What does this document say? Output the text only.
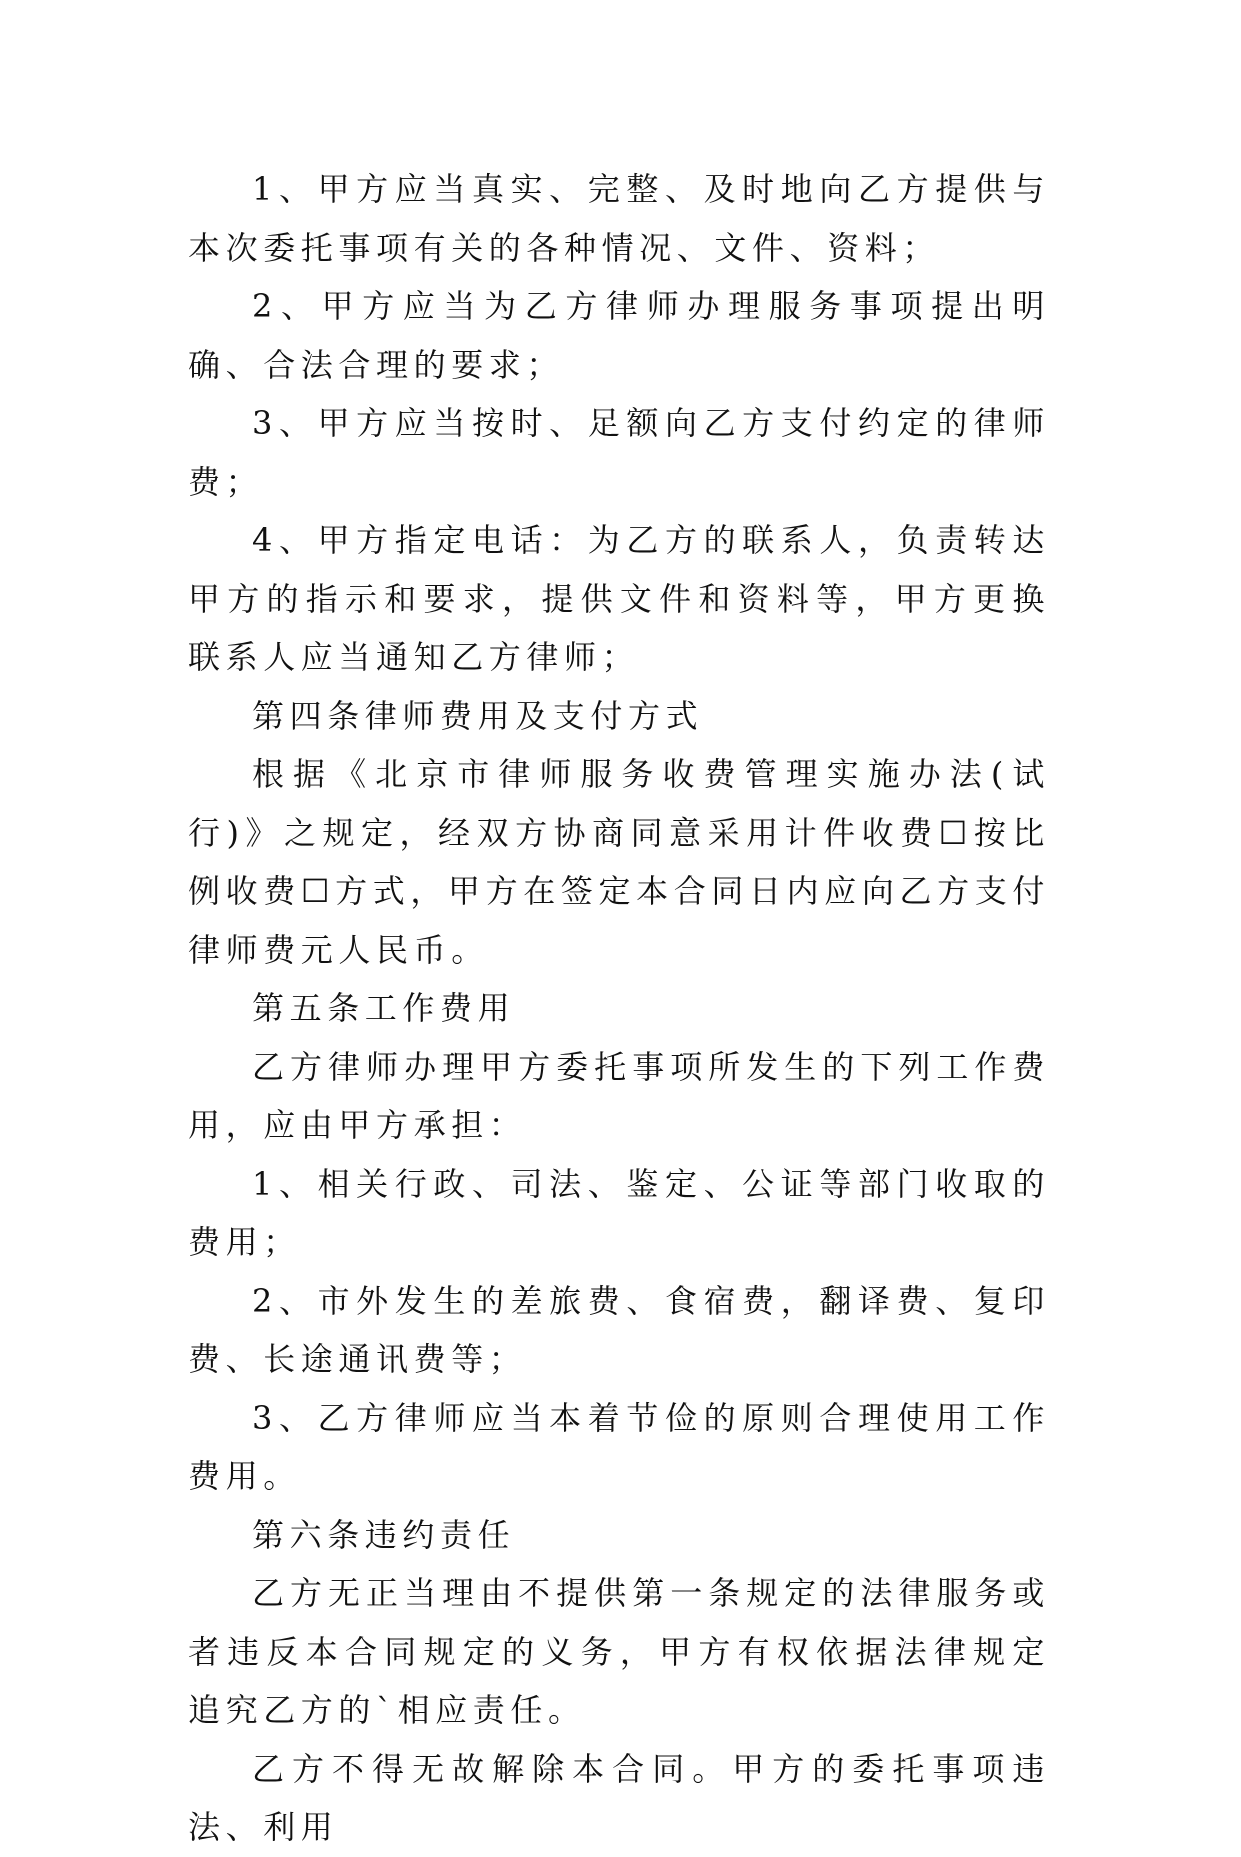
1、甲方应当真实、完整、及时地向乙方提供与本次委托事项有关的各种情况、文件、资料；

2、甲方应当为乙方律师办理服务事项提出明确、合法合理的要求；

3、甲方应当按时、足额向乙方支付约定的律师费；

4、甲方指定电话：为乙方的联系人，负责转达甲方的指示和要求，提供文件和资料等，甲方更换联系人应当通知乙方律师；

第四条律师费用及支付方式

根据《北京市律师服务收费管理实施办法(试行)》之规定，经双方协商同意采用计件收费☐按比例收费☐方式，甲方在签定本合同日内应向乙方支付律师费元人民币。

第五条工作费用

乙方律师办理甲方委托事项所发生的下列工作费用，应由甲方承担：

1、相关行政、司法、鉴定、公证等部门收取的费用；

2、市外发生的差旅费、食宿费，翻译费、复印费、长途通讯费等；

3、乙方律师应当本着节俭的原则合理使用工作费用。

第六条违约责任

乙方无正当理由不提供第一条规定的法律服务或者违反本合同规定的义务，甲方有权依据法律规定追究乙方的`相应责任。

乙方不得无故解除本合同。甲方的委托事项违法、利用
